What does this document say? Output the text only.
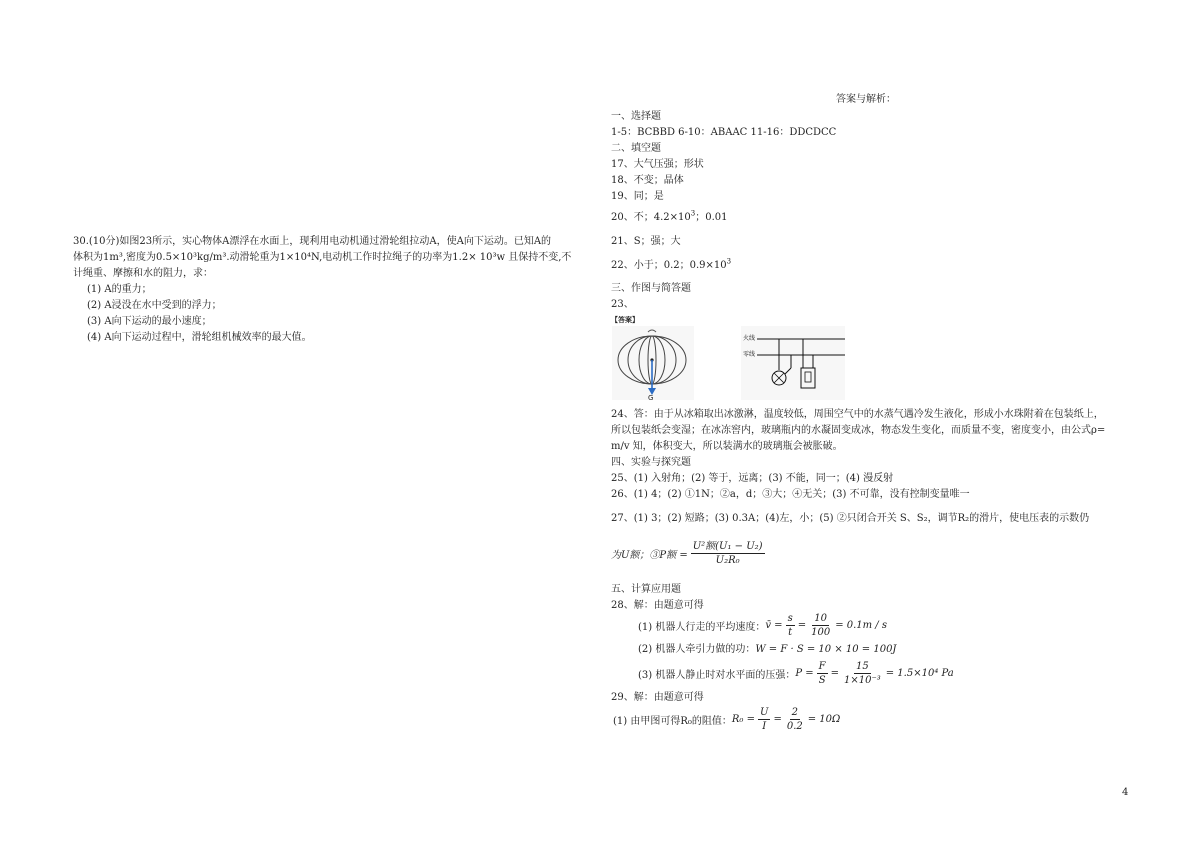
30.(10分)如图23所示，实心物体A漂浮在水面上，现利用电动机通过滑轮组拉动A，使A向下运动。已知A的
体积为1m³,密度为0.5×10³kg/m³.动滑轮重为1×10⁴N,电动机工作时拉绳子的功率为1.2× 10³w 且保持不变,不
计绳重、摩擦和水的阻力，求：
(1) A的重力；
(2) A浸没在水中受到的浮力；
(3) A向下运动的最小速度；
(4) A向下运动过程中，滑轮组机械效率的最大值。
答案与解析：
一、选择题
1-5：BCBBD 6-10：ABAAC 11-16：DDCDCC
二、填空题
17、大气压强；形状
18、不变；晶体
19、同；是
20、不；$4.2\times 10^3$；0.01
21、S；强；大
22、小于；0.2；$0.9\times 10^3$
三、作图与简答题
23、
【答案】
G
火线
零线
24、答：由于从冰箱取出冰激淋，温度较低，周围空气中的水蒸气遇冷发生液化，形成小水珠附着在包装纸上，
所以包装纸会变湿；在冰冻窖内，玻璃瓶内的水凝固变成冰，物态发生变化，而质量不变，密度变小，由公式ρ=
m/v 知，体积变大，所以装满水的玻璃瓶会被胀破。
四、实验与探究题
25、(1) 入射角；(2) 等于，远离；(3) 不能，同一；(4) 漫反射
26、(1) 4；(2) ①1N；②a，d；③大；④无关；(3) 不可靠，没有控制变量唯一
27、(1) 3；(2) 短路；(3) 0.3A；(4)左，小；(5) ②只闭合开关 S、S₂，调节R₂的滑片，使电压表的示数仍
为U额；③P额 = $\frac{\text{U²额(U₁ − U₂)}}{\text{U₂R₀}}$
五、计算应用题
28、解：由题意可得
(1) 机器人行走的平均速度： v̄ = $\frac{s}{t} = \frac{10}{100} = 0.1m / s$
(2) 机器人牵引力做的功：W = F · S = 10 × 10 = 100J
(3) 机器人静止时对水平面的压强： $P = \frac{F}{S} = \frac{15}{\text{1×10⁻³}} = 1.5\times 10^4$ Pa
29、解：由题意可得
(1) 由甲图可得R₀的阻值： $R_0 = \frac{U}{I} = \frac{2}{0.2} = 10\Omega$
4
